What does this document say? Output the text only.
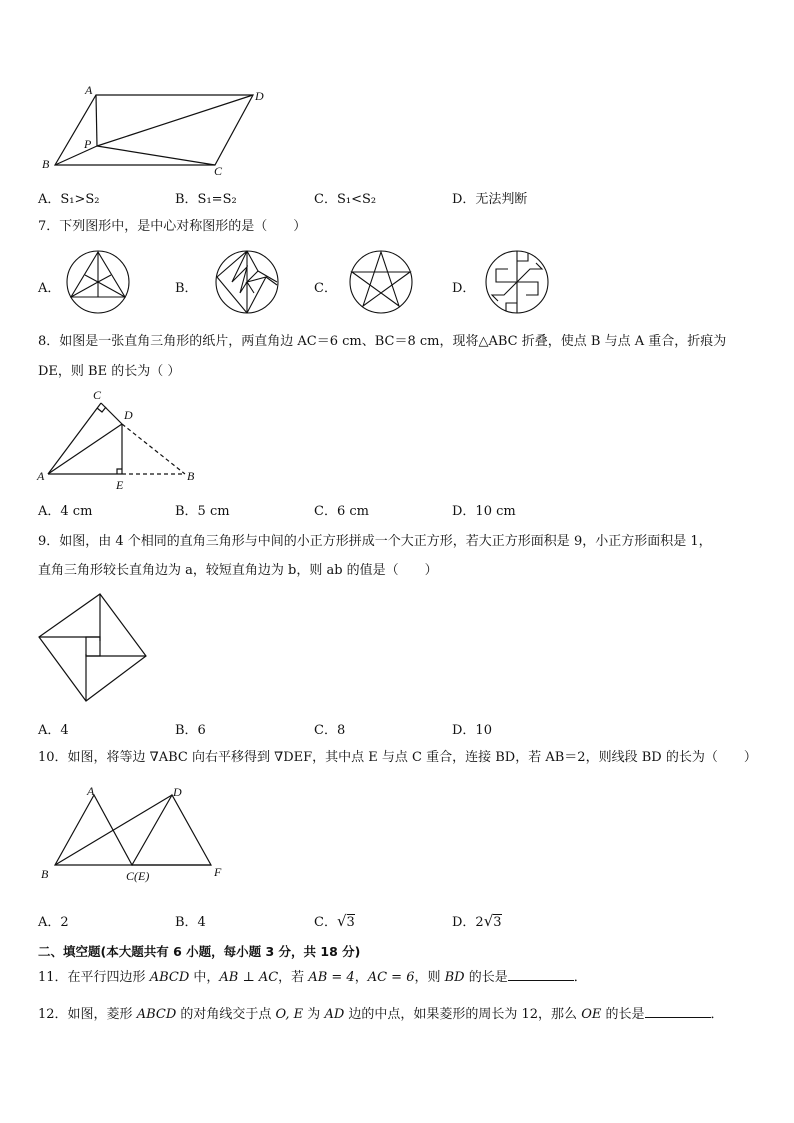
A	D
P
B	C
A．S₁>S₂	B．S₁=S₂	C．S₁<S₂	D．无法判断
7．下列图形中，是中心对称图形的是（　　）
A．	B．	C．	D．
8．如图是一张直角三角形的纸片，两直角边 AC＝6 cm、BC＝8 cm，现将△ABC 折叠，使点 B 与点 A 重合，折痕为
DE，则 BE 的长为（ ）
C
D
A
E
B
A．4 cm	B．5 cm	C．6 cm	D．10 cm
9．如图，由 4 个相同的直角三角形与中间的小正方形拼成一个大正方形，若大正方形面积是 9，小正方形面积是 1，
直角三角形较长直角边为 a，较短直角边为 b，则 ab 的值是（　　）
A．4	B．6	C．8	D．10
10．如图，将等边 ∇ABC 向右平移得到 ∇DEF，其中点 E 与点 C 重合，连接 BD，若 AB＝2，则线段 BD 的长为（　　）
A	D
B	C(E)	F
A．2	B．4	C．√3	D．2√3
二、填空题(本大题共有 6 小题，每小题 3 分，共 18 分)
11．在平行四边形 ABCD 中，AB ⊥ AC，若 AB = 4，AC = 6，则 BD 的长是	．
12．如图，菱形 ABCD 的对角线交于点 O, E 为 AD 边的中点，如果菱形的周长为 12，那么 OE 的长是	．
